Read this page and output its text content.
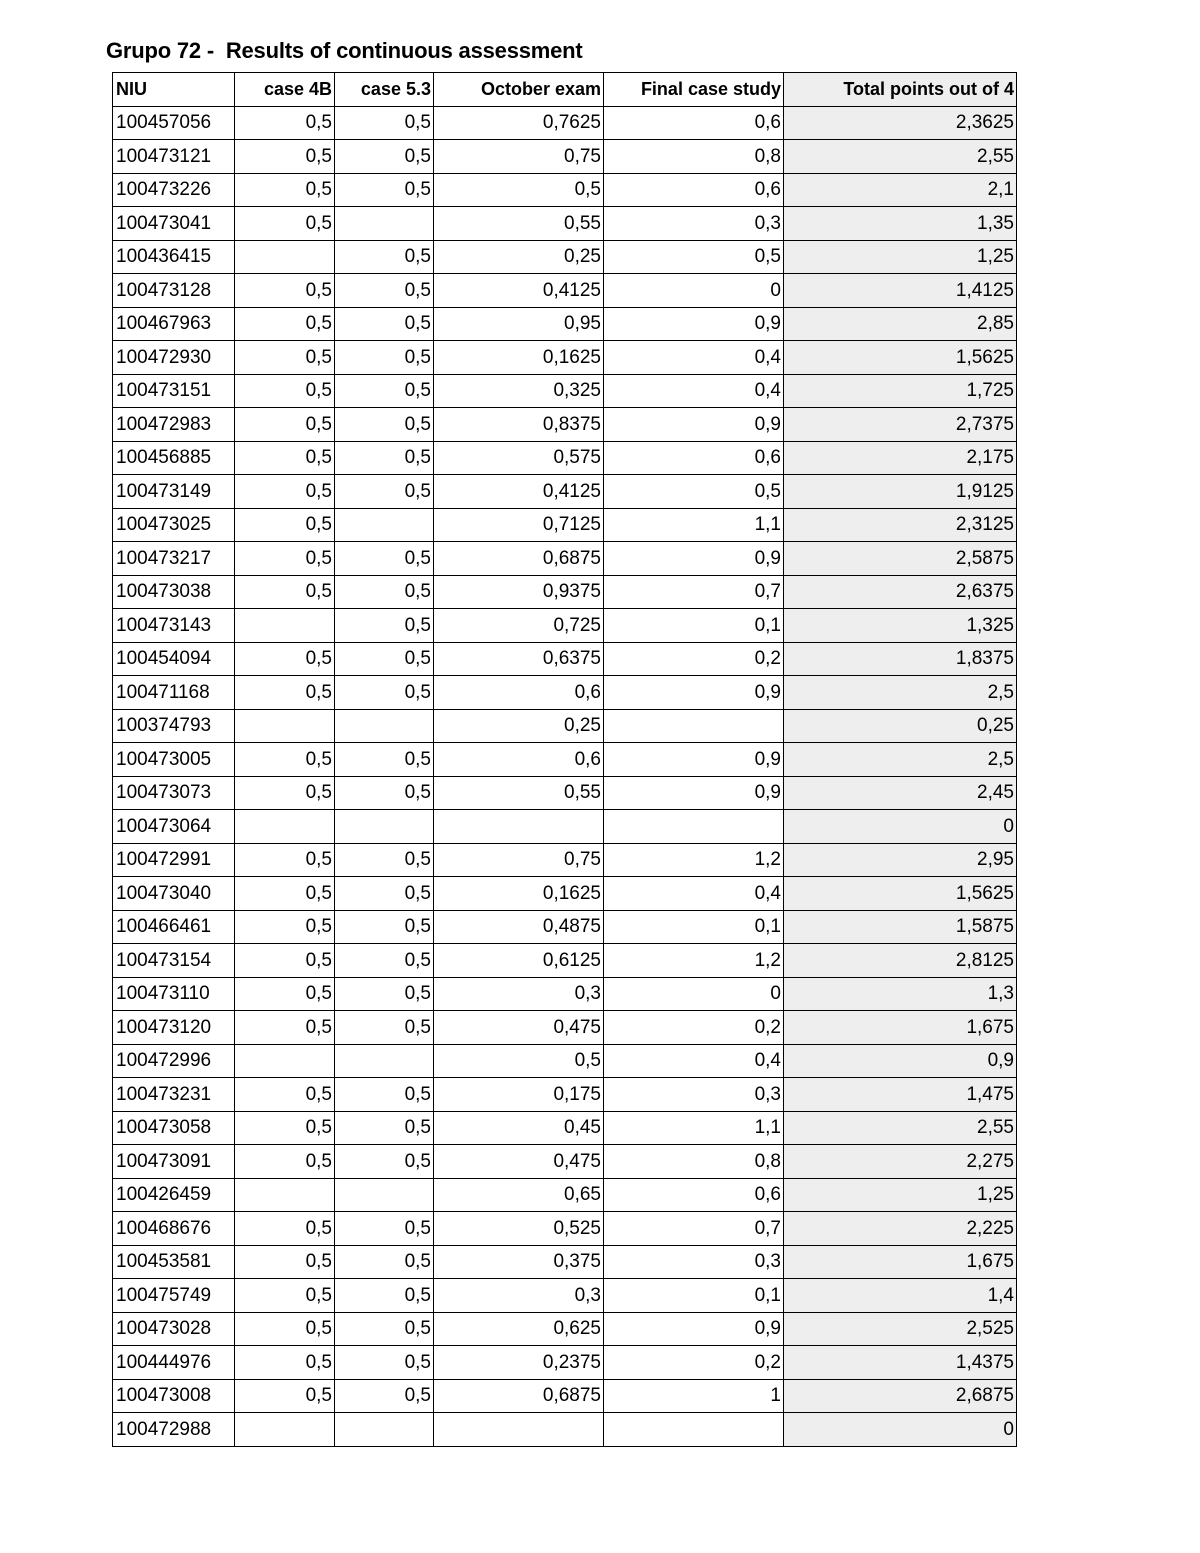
Grupo 72 -  Results of continuous assessment
NIU	case 4B	case 5.3	October exam	Final case study	Total points out of 4
100457056	0,5	0,5	0,7625	0,6	2,3625
100473121	0,5	0,5	0,75	0,8	2,55
100473226	0,5	0,5	0,5	0,6	2,1
100473041	0,5		0,55	0,3	1,35
100436415		0,5	0,25	0,5	1,25
100473128	0,5	0,5	0,4125	0	1,4125
100467963	0,5	0,5	0,95	0,9	2,85
100472930	0,5	0,5	0,1625	0,4	1,5625
100473151	0,5	0,5	0,325	0,4	1,725
100472983	0,5	0,5	0,8375	0,9	2,7375
100456885	0,5	0,5	0,575	0,6	2,175
100473149	0,5	0,5	0,4125	0,5	1,9125
100473025	0,5		0,7125	1,1	2,3125
100473217	0,5	0,5	0,6875	0,9	2,5875
100473038	0,5	0,5	0,9375	0,7	2,6375
100473143		0,5	0,725	0,1	1,325
100454094	0,5	0,5	0,6375	0,2	1,8375
100471168	0,5	0,5	0,6	0,9	2,5
100374793			0,25		0,25
100473005	0,5	0,5	0,6	0,9	2,5
100473073	0,5	0,5	0,55	0,9	2,45
100473064					0
100472991	0,5	0,5	0,75	1,2	2,95
100473040	0,5	0,5	0,1625	0,4	1,5625
100466461	0,5	0,5	0,4875	0,1	1,5875
100473154	0,5	0,5	0,6125	1,2	2,8125
100473110	0,5	0,5	0,3	0	1,3
100473120	0,5	0,5	0,475	0,2	1,675
100472996			0,5	0,4	0,9
100473231	0,5	0,5	0,175	0,3	1,475
100473058	0,5	0,5	0,45	1,1	2,55
100473091	0,5	0,5	0,475	0,8	2,275
100426459			0,65	0,6	1,25
100468676	0,5	0,5	0,525	0,7	2,225
100453581	0,5	0,5	0,375	0,3	1,675
100475749	0,5	0,5	0,3	0,1	1,4
100473028	0,5	0,5	0,625	0,9	2,525
100444976	0,5	0,5	0,2375	0,2	1,4375
100473008	0,5	0,5	0,6875	1	2,6875
100472988					0
